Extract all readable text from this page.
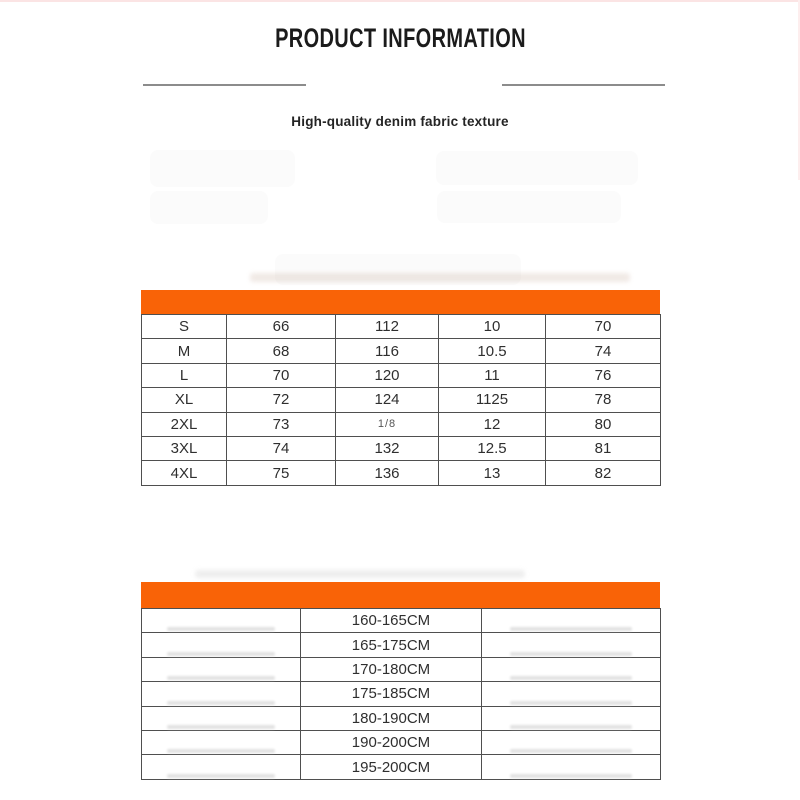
PRODUCT INFORMATION
High-quality denim fabric texture
S	66	112	10	70
M	68	116	10.5	74
L	70	120	11	76
XL	72	124	1125	78
2XL	73	1/8	12	80
3XL	74	132	12.5	81
4XL	75	136	13	82
	160-165CM	

	165-175CM	

	170-180CM	

	175-185CM	

	180-190CM	

	190-200CM	

	195-200CM	
